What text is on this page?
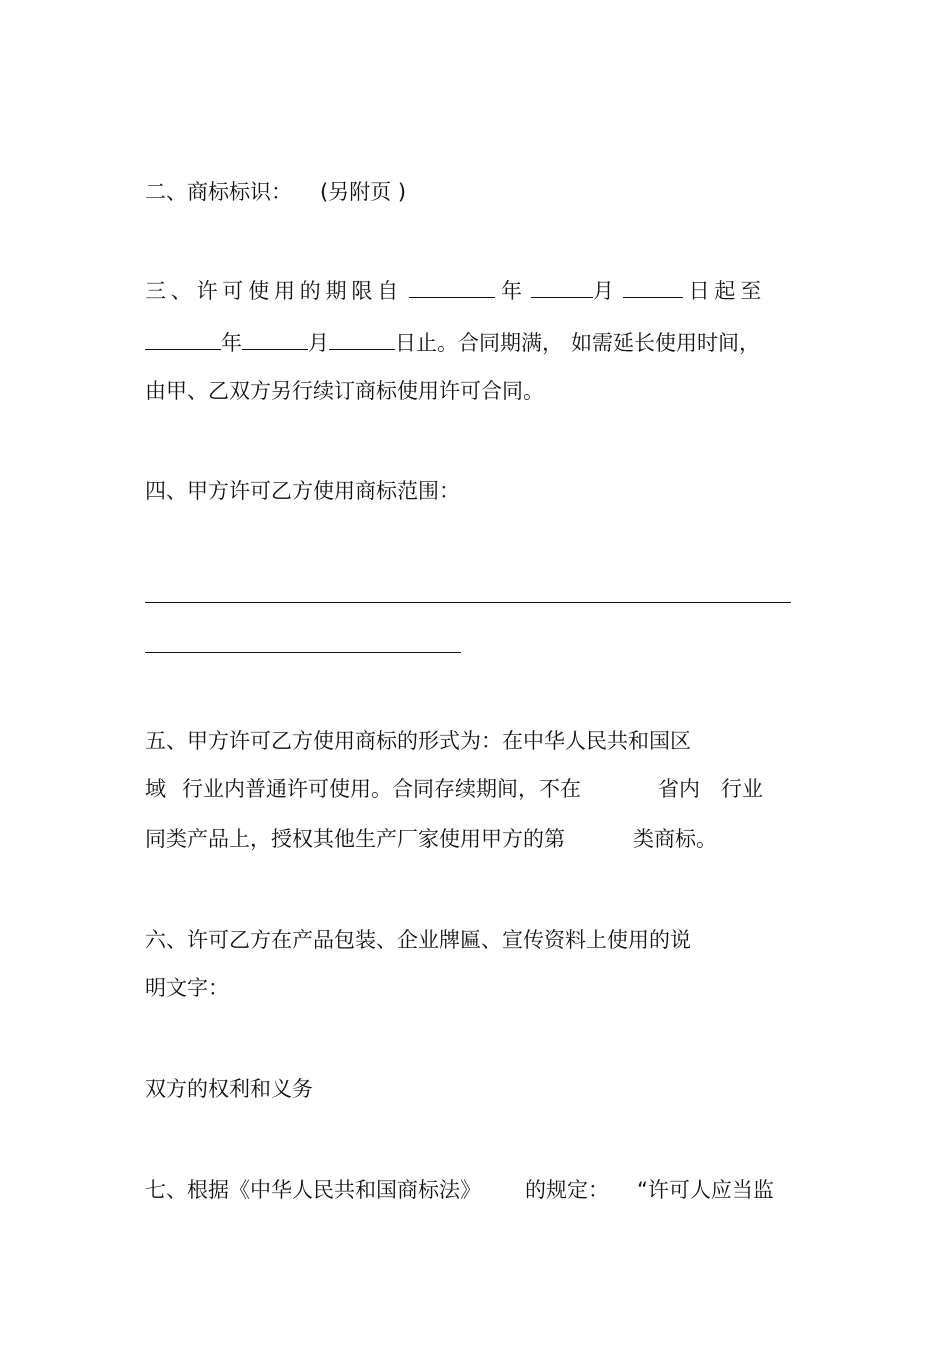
二、商标标识： (另附页 )
三、许可使用的期限自	年	月	日起至
年	月	日止。合同期满， 如需延长使用时间，
由甲、乙双方另行续订商标使用许可合同。
四、甲方许可乙方使用商标范围：
五、甲方许可乙方使用商标的形式为：在中华人民共和国区
域 行业内普通许可使用。合同存续期间，不在	省内 行业
同类产品上，授权其他生产厂家使用甲方的第	类商标。
六、许可乙方在产品包装、企业牌匾、宣传资料上使用的说
明文字：
双方的权利和义务
七、根据《中华人民共和国商标法》 的规定： “许可人应当监
